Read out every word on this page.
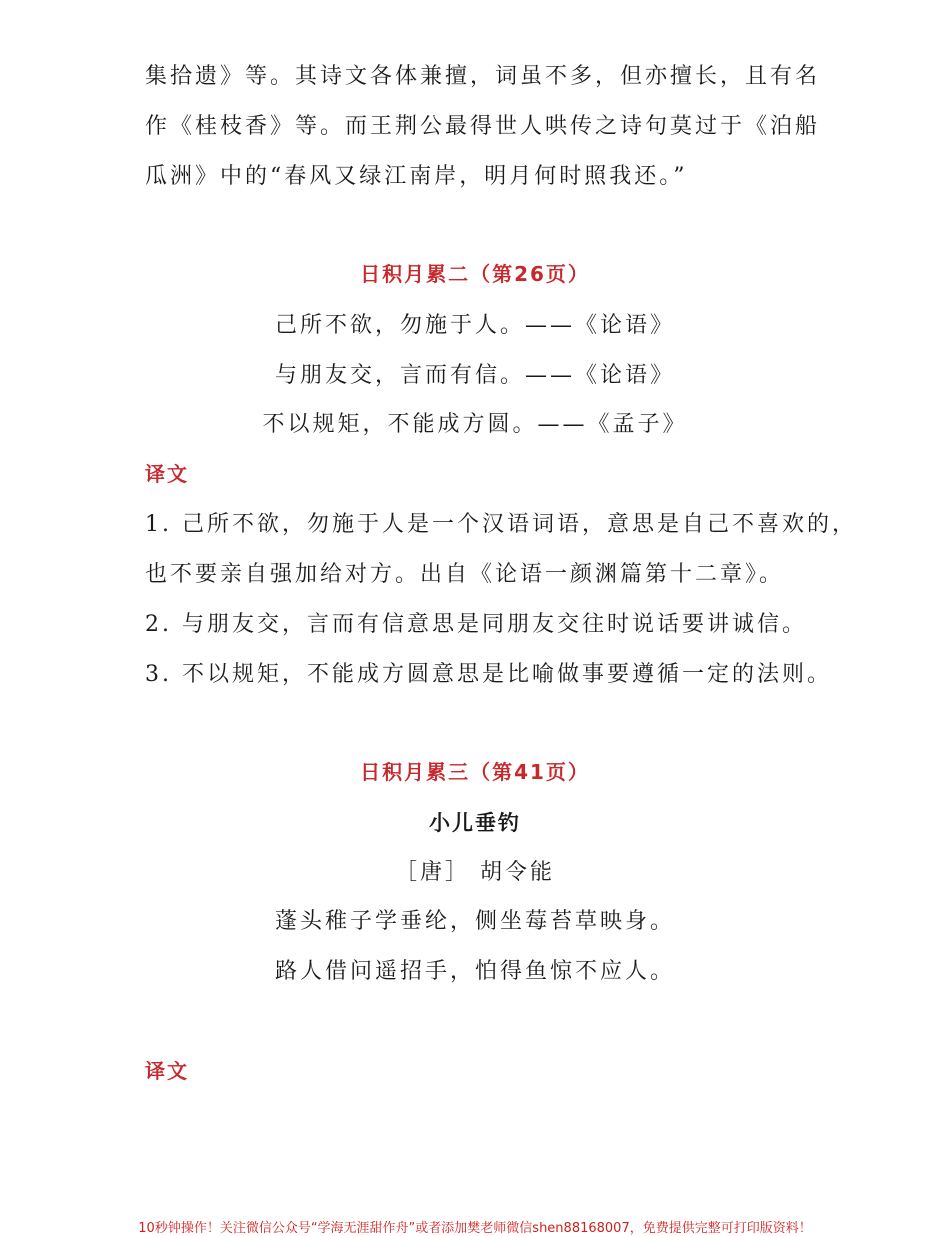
集拾遗》等。其诗文各体兼擅，词虽不多，但亦擅长，且有名
作《桂枝香》等。而王荆公最得世人哄传之诗句莫过于《泊船
瓜洲》中的“春风又绿江南岸，明月何时照我还。”
日积月累二（第26页）
己所不欲，勿施于人。——《论语》
与朋友交，言而有信。——《论语》
不以规矩，不能成方圆。——《孟子》
译文
1. 己所不欲，勿施于人是一个汉语词语，意思是自己不喜欢的，
也不要亲自强加给对方。出自《论语一颜渊篇第十二章》。
2. 与朋友交，言而有信意思是同朋友交往时说话要讲诚信。
3. 不以规矩，不能成方圆意思是比喻做事要遵循一定的法则。
日积月累三（第41页）
小儿垂钓
［唐］ 胡令能
蓬头稚子学垂纶，侧坐莓苔草映身。
路人借问遥招手，怕得鱼惊不应人。
译文
10秒钟操作！关注微信公众号“学海无涯甜作舟”或者添加樊老师微信shen88168007，免费提供完整可打印版资料！
